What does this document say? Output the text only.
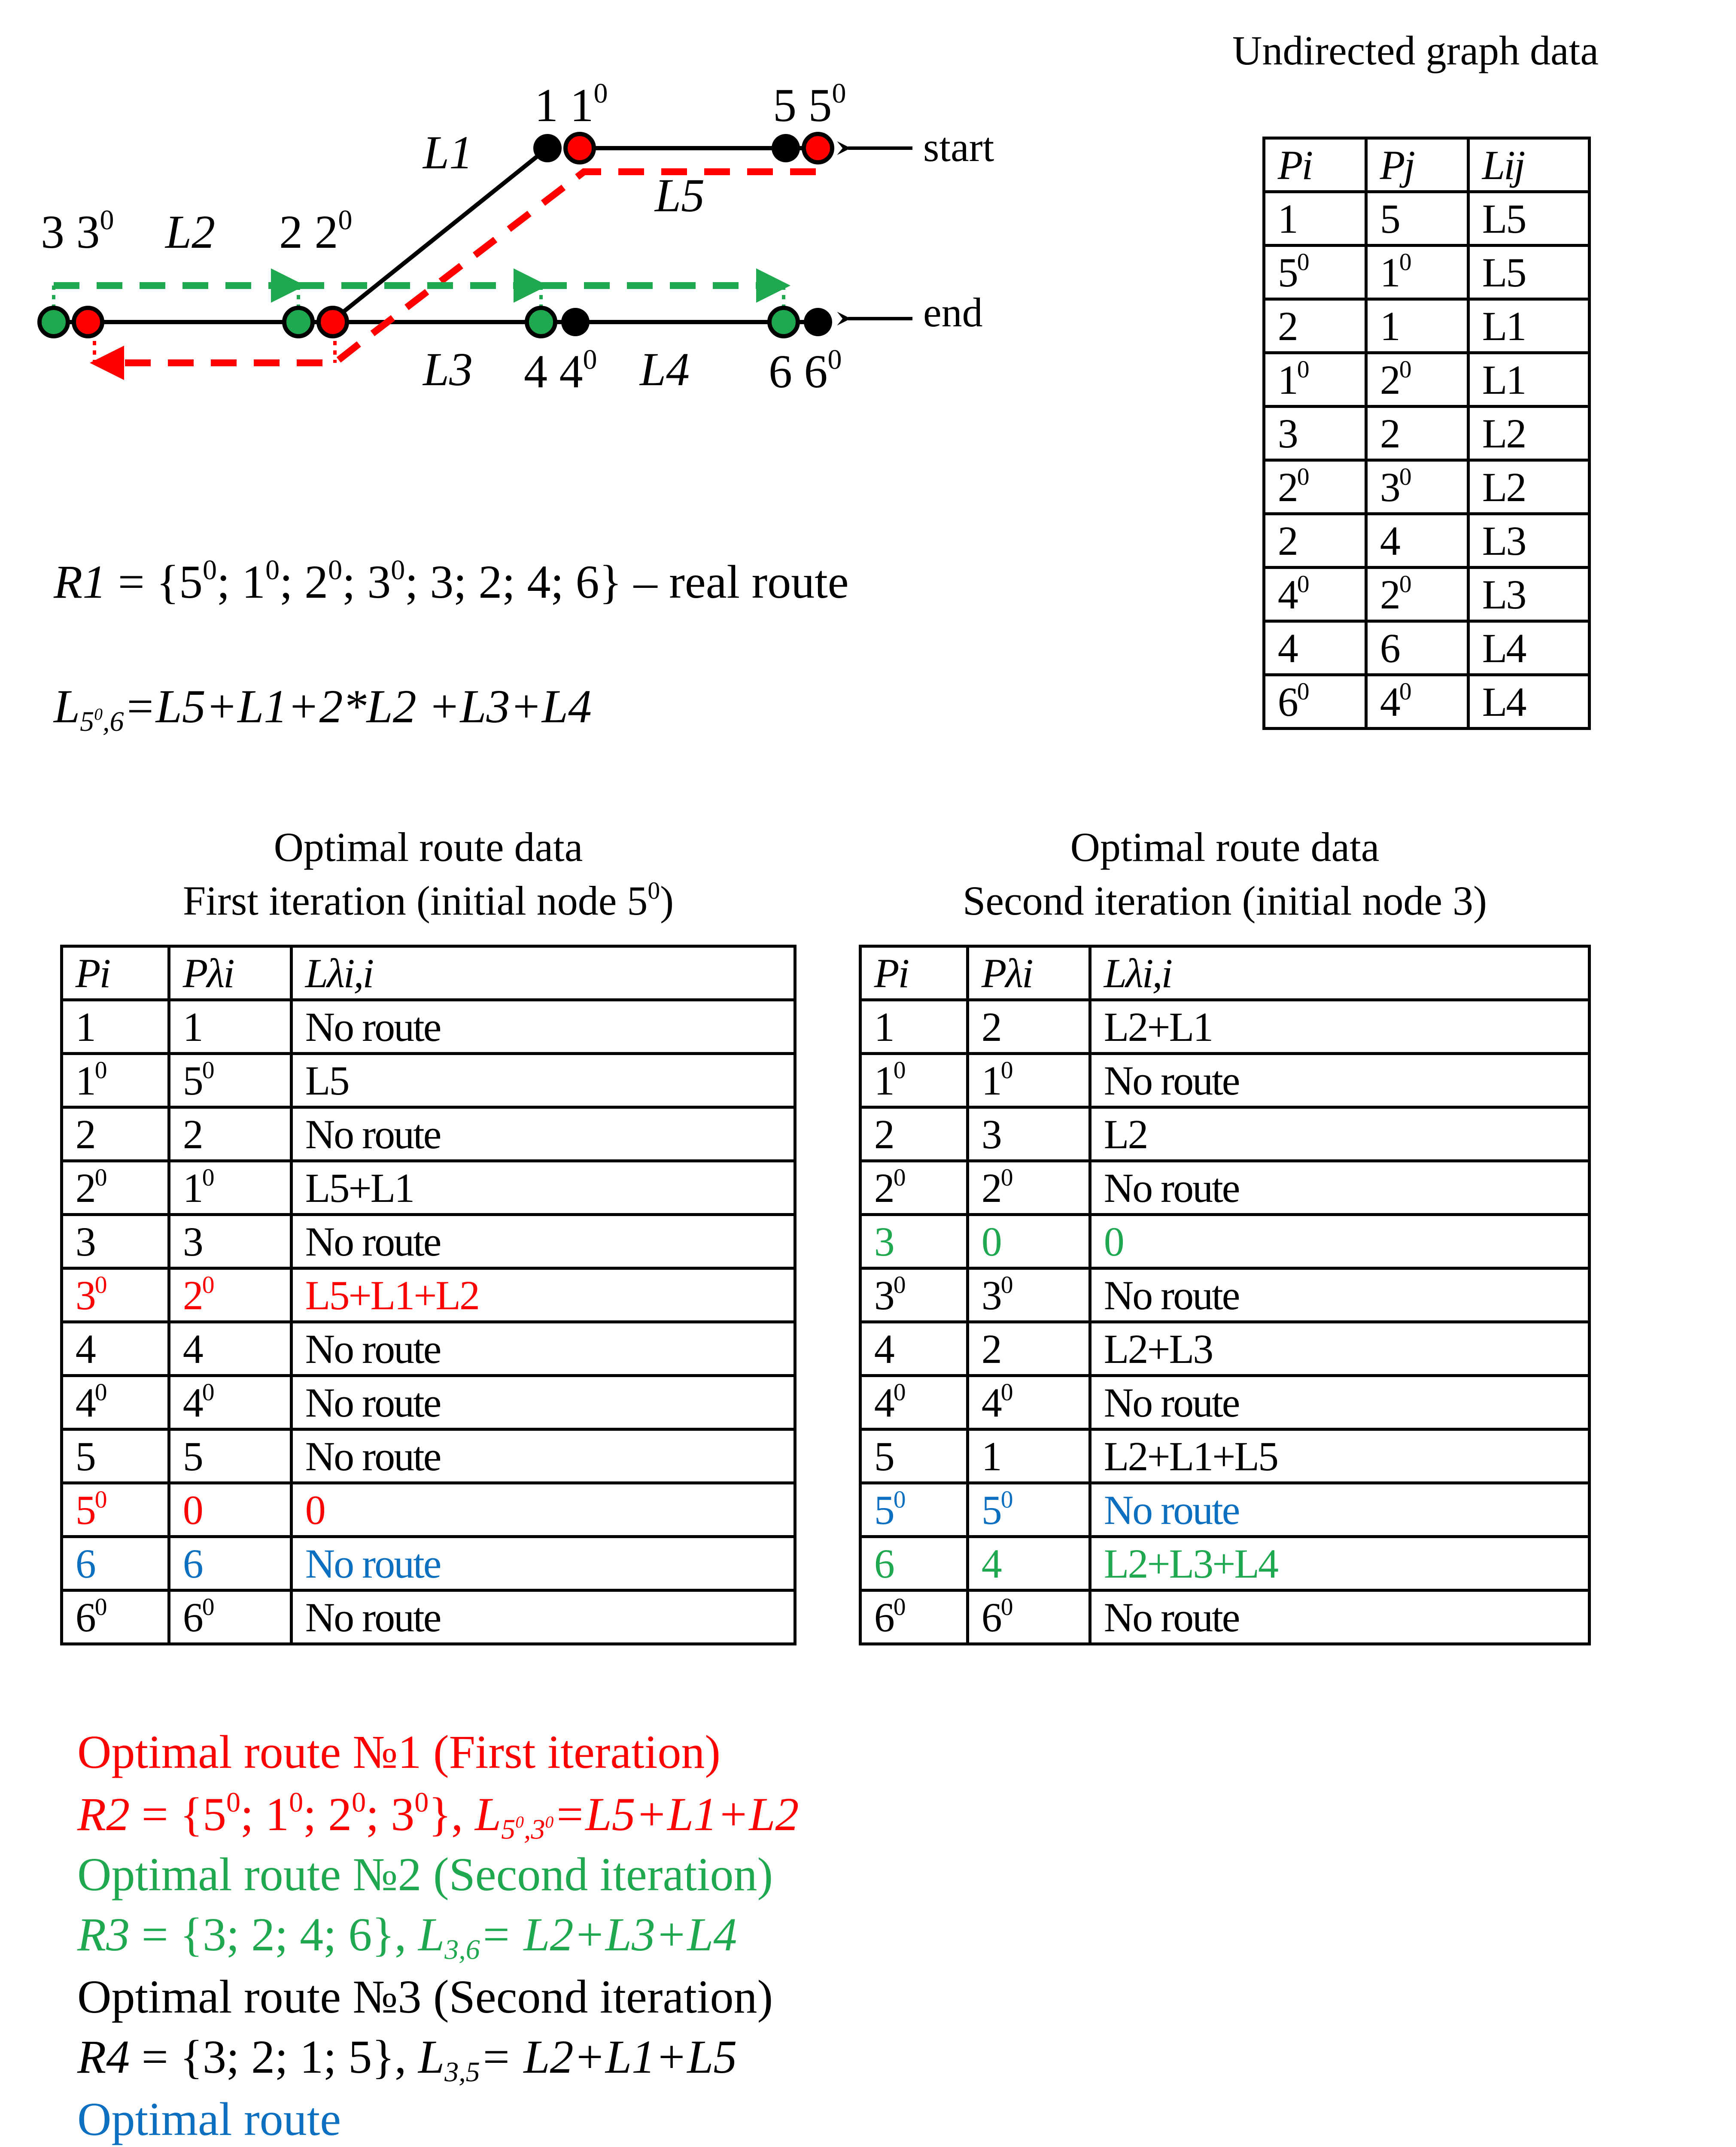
L1
L5
L2
L3	L4
start
end
1 $1^0$	5 $5^0$
3 $3^0$	2 $2^0$
4 $4^0$	6 $6^0$
$R1 = \{5^0$; $1^0$; $2^0$; $3^0$; 3; 2; 4; 6} – real route
$L_{5^0,6}=L5+L1+2*L2 +L3+L4$
Undirected graph data
Pi	Pj	Lij
1	5	L5
$5^0$	$1^0$	L5
2	1	L1
$1^0$	$2^0$	L1
3	2	L2
$2^0$	$3^0$	L2
2	4	L3
$4^0$	$2^0$	L3
4	6	L4
$6^0$	$4^0$	L4
Optimal route data
First iteration (initial node $5^0$)
Pi	Pλi	Lλi,i
1	1	No route
$1^0$	$5^0$	L5
2	2	No route
$2^0$	$1^0$	L5+L1
3	3	No route
$3^0$	$2^0$	L5+L1+L2
4	4	No route
$4^0$	$4^0$	No route
5	5	No route
$5^0$	0	0
6	6	No route
$6^0$	$6^0$	No route
Optimal route data
Second iteration (initial node 3)
Pi	Pλi	Lλi,i
1	2	L2+L1
$1^0$	$1^0$	No route
2	3	L2
$2^0$	$2^0$	No route
3	0	0
$3^0$	$3^0$	No route
4	2	L2+L3
$4^0$	$4^0$	No route
5	1	L2+L1+L5
$5^0$	$5^0$	No route
6	4	L2+L3+L4
$6^0$	$6^0$	No route
Optimal route №1 (First iteration)
$R2 = \{5^0$; $1^0$; $2^0$; $3^0$}, $L_{5^0,3^0}=L5+L1+L2$
Optimal route №2 (Second iteration)
R3 = {3; 2; 4; 6}, $L_{3,6}= L2+L3+L4$
Optimal route №3 (Second iteration)
R4 = {3; 2; 1; 5}, $L_{3,5}= L2+L1+L5$
Optimal route
